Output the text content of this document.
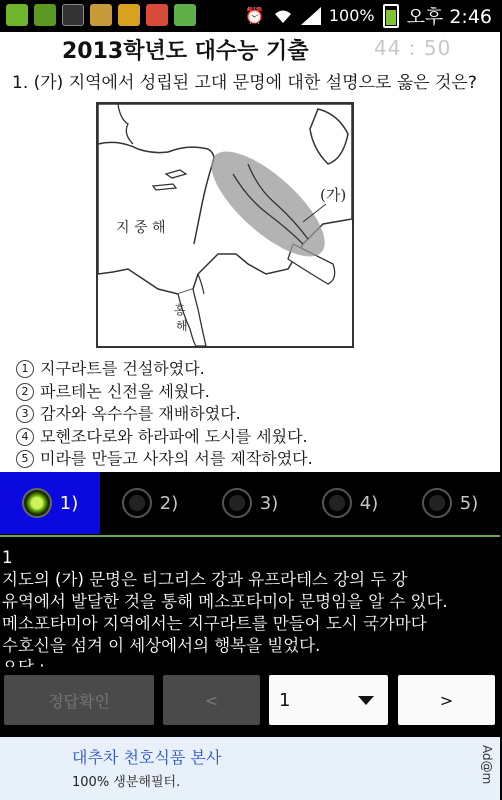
⏰	100% 오후 2:46
2013학년도 대수능 기출	44 : 50
1. (가) 지역에서 성립된 고대 문명에 대한 설명으로 옳은 것은?
(가)
지 중 해
홍
해
1 지구라트를 건설하였다.
2 파르테논 신전을 세웠다.
3 감자와 옥수수를 재배하였다.
4 모헨조다로와 하라파에 도시를 세웠다.
5 미라를 만들고 사자의 서를 제작하였다.
1)	2)	3)	4)	5)
1
지도의 (가) 문명은 티그리스 강과 유프라테스 강의 두 강
유역에서 발달한 것을 통해 메소포타미아 문명임을 알 수 있다.
메소포타미아 지역에서는 지구라트를 만들어 도시 국가마다
수호신을 섬겨 이 세상에서의 행복을 빌었다.
정답확인	<	1	>
대추차 천호식품 본사
100% 생분해필터.	Ad@m
